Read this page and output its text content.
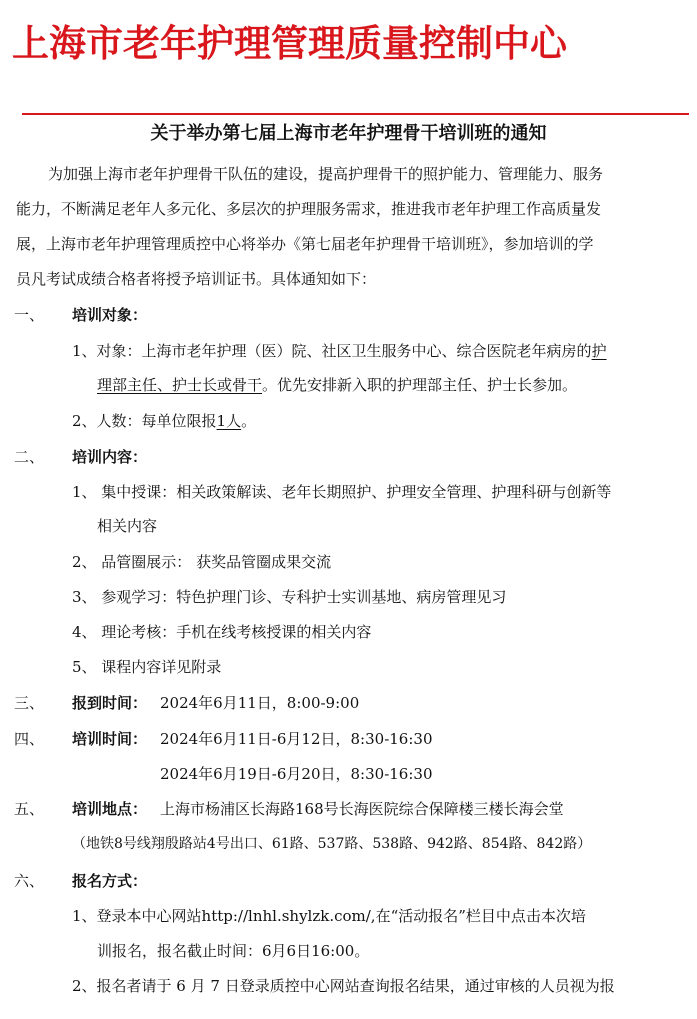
上海市老年护理管理质量控制中心
关于举办第七届上海市老年护理骨干培训班的通知
为加强上海市老年护理骨干队伍的建设，提高护理骨干的照护能力、管理能力、服务
能力，不断满足老年人多元化、多层次的护理服务需求，推进我市老年护理工作高质量发
展，上海市老年护理管理质控中心将举办《第七届老年护理骨干培训班》，参加培训的学
员凡考试成绩合格者将授予培训证书。具体通知如下：
一、 培训对象：
1、对象：上海市老年护理（医）院、社区卫生服务中心、综合医院老年病房的护
理部主任、护士长或骨干。优先安排新入职的护理部主任、护士长参加。
2、人数：每单位限报1人。
二、 培训内容：
1、 集中授课：相关政策解读、老年长期照护、护理安全管理、护理科研与创新等
相关内容
2、 品管圈展示： 获奖品管圈成果交流
3、 参观学习：特色护理门诊、专科护士实训基地、病房管理见习
4、 理论考核：手机在线考核授课的相关内容
5、 课程内容详见附录
三、 报到时间： 2024年6月11日，8:00-9:00
四、 培训时间： 2024年6月11日-6月12日，8:30-16:30
2024年6月19日-6月20日，8:30-16:30
五、 培训地点： 上海市杨浦区长海路168号长海医院综合保障楼三楼长海会堂
（地铁8号线翔殷路站4号出口、61路、537路、538路、942路、854路、842路）
六、 报名方式：
1、登录本中心网站http://lnhl.shylzk.com/,在“活动报名”栏目中点击本次培
训报名，报名截止时间：6月6日16:00。
2、报名者请于 6 月 7 日登录质控中心网站查询报名结果，通过审核的人员视为报
